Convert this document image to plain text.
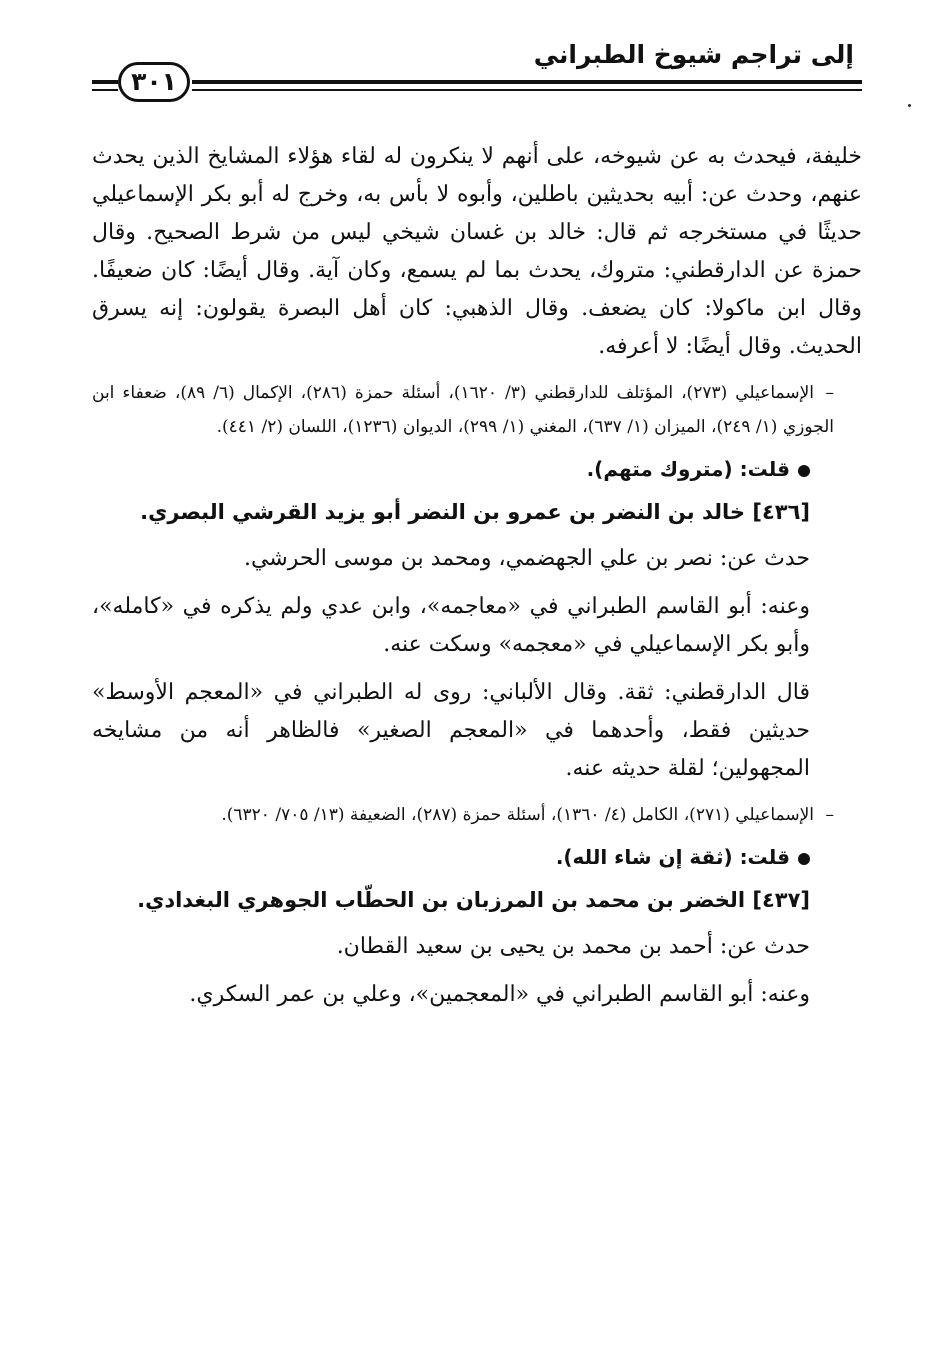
إلى تراجم شيوخ الطبراني
٣٠١

خليفة، فيحدث به عن شيوخه، على أنهم لا ينكرون له لقاء هؤلاء المشايخ الذين يحدث عنهم، وحدث عن: أبيه بحديثين باطلين، وأبوه لا بأس به، وخرج له أبو بكر الإسماعيلي حديثًا في مستخرجه ثم قال: خالد بن غسان شيخي ليس من شرط الصحيح. وقال حمزة عن الدارقطني: متروك، يحدث بما لم يسمع، وكان آية. وقال أيضًا: كان ضعيفًا. وقال ابن ماكولا: كان يضعف. وقال الذهبي: كان أهل البصرة يقولون: إنه يسرق الحديث. وقال أيضًا: لا أعرفه.

–الإسماعيلي (٢٧٣)، المؤتلف للدارقطني (٣/ ١٦٢٠)، أسئلة حمزة (٢٨٦)، الإكمال (٦/ ٨٩)، ضعفاء ابن الجوزي (١/ ٢٤٩)، الميزان (١/ ٦٣٧)، المغني (١/ ٢٩٩)، الديوان (١٢٣٦)، اللسان (٢/ ٤٤١).

قلت: (متروك متهم).
[٤٣٦] خالد بن النضر بن عمرو بن النضر أبو يزيد القرشي البصري.

حدث عن: نصر بن علي الجهضمي، ومحمد بن موسى الحرشي.

وعنه: أبو القاسم الطبراني في «معاجمه»، وابن عدي ولم يذكره في «كامله»، وأبو بكر الإسماعيلي في «معجمه» وسكت عنه.

قال الدارقطني: ثقة. وقال الألباني: روى له الطبراني في «المعجم الأوسط» حديثين فقط، وأحدهما في «المعجم الصغير» فالظاهر أنه من مشايخه المجهولين؛ لقلة حديثه عنه.

–الإسماعيلي (٢٧١)، الكامل (٤/ ١٣٦٠)، أسئلة حمزة (٢٨٧)، الضعيفة (١٣/ ٧٠٥/ ٦٣٢٠).

قلت: (ثقة إن شاء الله).
[٤٣٧] الخضر بن محمد بن المرزبان بن الحطّاب الجوهري البغدادي.

حدث عن: أحمد بن محمد بن يحيى بن سعيد القطان.

وعنه: أبو القاسم الطبراني في «المعجمين»، وعلي بن عمر السكري.
